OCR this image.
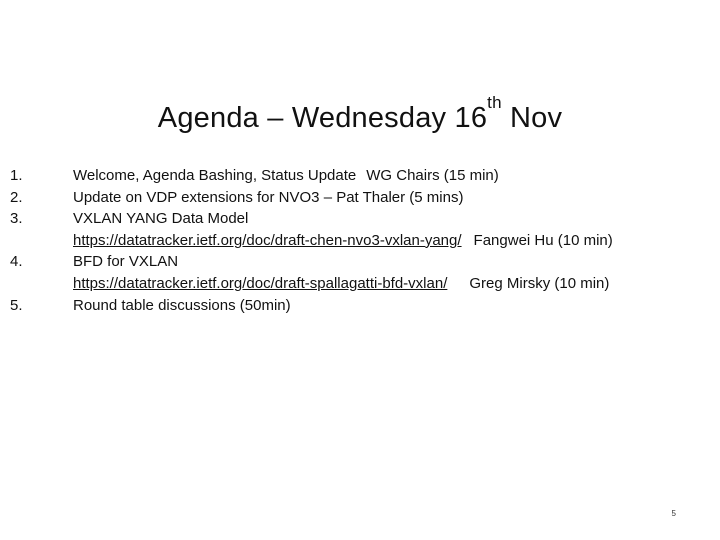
Agenda – Wednesday 16th Nov
1.	Welcome, Agenda Bashing, Status Update WG Chairs (15 min)
2.	Update on VDP extensions for NVO3 – Pat Thaler (5 mins)
3.	VXLAN YANG Data Model
https://datatracker.ietf.org/doc/draft-chen-nvo3-vxlan-yang/ Fangwei Hu (10 min)
4.	BFD for VXLAN
https://datatracker.ietf.org/doc/draft-spallagatti-bfd-vxlan/ Greg Mirsky (10 min)
5.	Round table discussions (50min)
5
